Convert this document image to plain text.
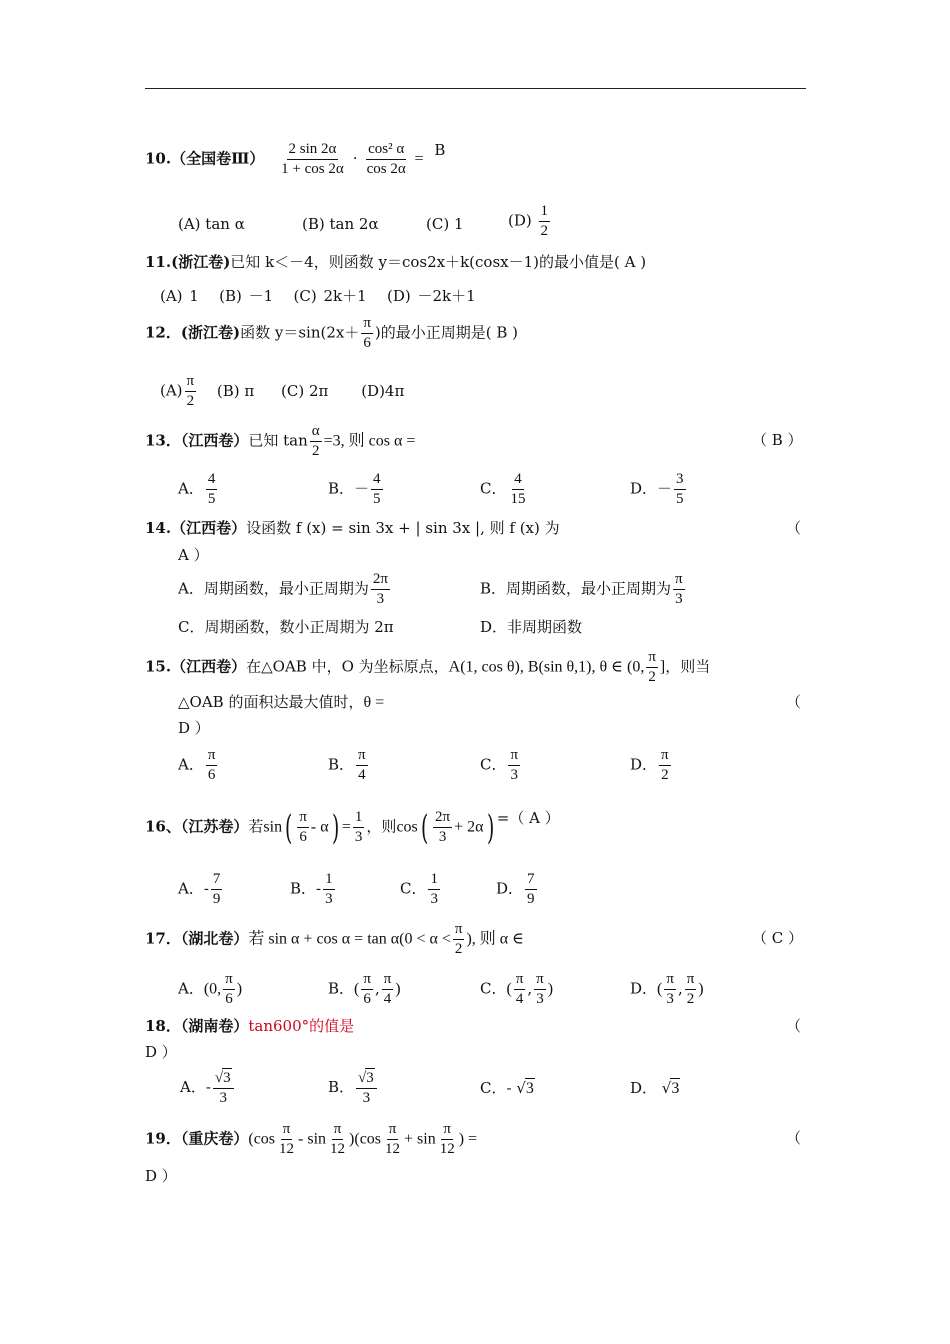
10.（全国卷Ⅲ） $\frac{2 \sin 2\alpha}{1 + \cos 2\alpha} \cdot \frac{\text{cos² α}}{\cos 2\alpha} = B$
(A) tan α	(B) tan 2α	(C) 1	$(D) \frac{1}{2}$
11.(浙江卷)已知 k＜－4，则函数 y＝cos2x＋k(cosx－1)的最小值是( A )
(A) 1 (B) －1 (C) 2k＋1 (D) －2k＋1
12．(浙江卷)函数 $y=\sin(2x+ \frac{\pi}{6}$ )的最小正周期是( B )
$(A) \frac{\pi}{2} (B)$ π (C) 2π (D)4π
13．（江西卷）已知 $\tan \frac{\alpha}{2} =3$, 则 cos α =	（ B ）
A． $\frac{4}{5}$	B．－ $\frac{4}{5}$	C． $\frac{4}{15}$	D．－ $\frac{3}{5}$
14.（江西卷）设函数 f (x) = sin 3x + | sin 3x |, 则 f (x) 为	（
A ）
A．周期函数，最小正周期为 $\frac{2\pi}{3}$	B．周期函数，最小正周期为 $\frac{\pi}{3}$
C．周期函数，数小正周期为 2π	D．非周期函数
15.（江西卷）在△OAB 中，O 为坐标原点，A(1, cos θ), B(sin θ,1), θ ∈ (0, $\frac{\pi}{2}$ ]，则当
△OAB 的面积达最大值时，θ =	（
D ）
A． $\frac{\pi}{6}$	B． $\frac{\pi}{4}$	C． $\frac{\pi}{3}$	D． $\frac{\pi}{2}$
16、（江苏卷）若$\sin( \frac{\pi}{6} - \alpha) = \frac{1}{3}$ ，则$\cos( \frac{2\pi}{3} + 2\alpha)$ =（ A ）
A．- $\frac{7}{9}$	B．- $\frac{1}{3}$	C． $\frac{1}{3}$	D． $\frac{7}{9}$
17．（湖北卷）若 $\sin \alpha + \cos \alpha = \tan \alpha(0 < \alpha < \frac{\pi}{2}$ ), 则 α ∈	（ C ）
A．(0, $\frac{\pi}{6}$ )	B．( $\frac{\pi}{6}$ , $\frac{\pi}{4}$ )	C．( $\frac{\pi}{4}$ , $\frac{\pi}{3}$ )	D．( $\frac{\pi}{3}$ , $\frac{\pi}{2}$ )
18．（湖南卷）tan600°的值是	（
D ）
A．- $\frac{√3}{3}$	B． $\frac{√3}{3}$	C．- √3	D． √3
19．（重庆卷）$(\cos \frac{\pi}{12} - \sin \frac{\pi}{12} )(\cos \frac{\pi}{12} + \sin \frac{\pi}{12}$ ) =	（
D ）
